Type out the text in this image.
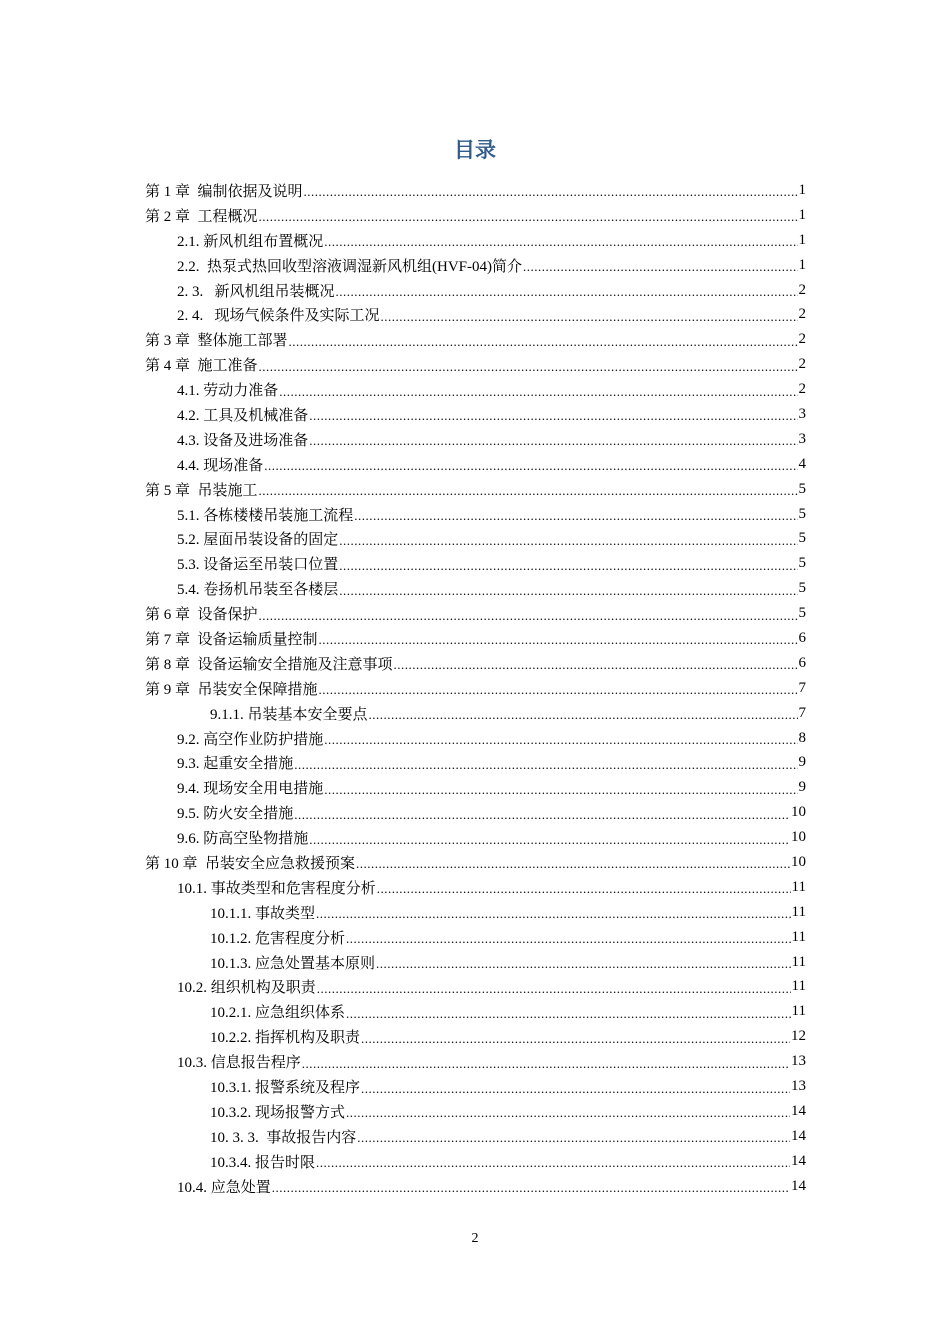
目录
第 1 章  编制依据及说明 .....	1
第 2 章  工程概况 .....	1
2.1. 新风机组布置概况 .....	1
2.2.  热泵式热回收型溶液调湿新风机组(HVF-04)简介 .....	1
2. 3.   新风机组吊装概况 .....	2
2. 4.   现场气候条件及实际工况 .....	2
第 3 章  整体施工部署 .....	2
第 4 章  施工准备 .....	2
4.1. 劳动力准备 .....	2
4.2. 工具及机械准备 .....	3
4.3. 设备及进场准备 .....	3
4.4. 现场准备 .....	4
第 5 章  吊装施工 .....	5
5.1. 各栋楼楼吊装施工流程 .....	5
5.2. 屋面吊装设备的固定 .....	5
5.3. 设备运至吊装口位置 .....	5
5.4. 卷扬机吊装至各楼层 .....	5
第 6 章  设备保护 .....	5
第 7 章  设备运输质量控制 .....	6
第 8 章  设备运输安全措施及注意事项 .....	6
第 9 章  吊装安全保障措施 .....	7
9.1.1. 吊装基本安全要点 .....	7
9.2. 高空作业防护措施 .....	8
9.3. 起重安全措施 .....	9
9.4. 现场安全用电措施 .....	9
9.5. 防火安全措施 .....	10
9.6. 防高空坠物措施 .....	10
第 10 章  吊装安全应急救援预案 .....	10
10.1. 事故类型和危害程度分析 .....	11
10.1.1. 事故类型 .....	11
10.1.2. 危害程度分析 .....	11
10.1.3. 应急处置基本原则 .....	11
10.2. 组织机构及职责 .....	11
10.2.1. 应急组织体系 .....	11
10.2.2. 指挥机构及职责 .....	12
10.3. 信息报告程序 .....	13
10.3.1. 报警系统及程序 .....	13
10.3.2. 现场报警方式 .....	14
10. 3. 3.  事故报告内容 .....	14
10.3.4. 报告时限 .....	14
10.4. 应急处置 .....	14
2
